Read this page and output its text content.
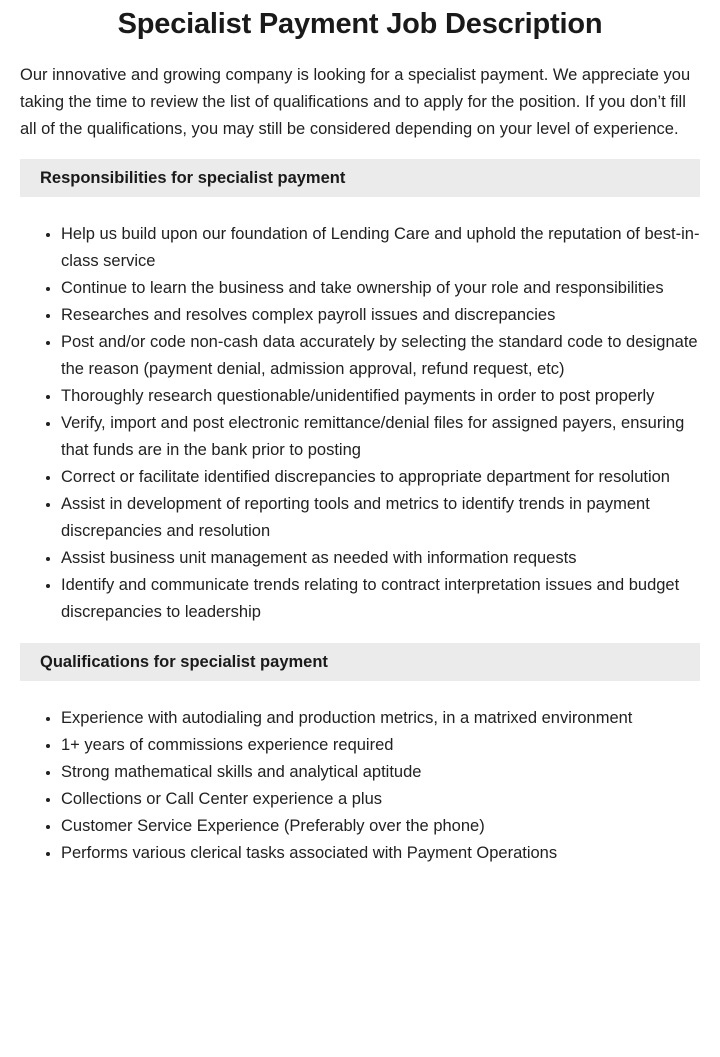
Specialist Payment Job Description

Our innovative and growing company is looking for a specialist payment. We appreciate you taking the time to review the list of qualifications and to apply for the position. If you don’t fill all of the qualifications, you may still be considered depending on your level of experience.

Responsibilities for specialist payment
• Help us build upon our foundation of Lending Care and uphold the reputation of best-in-class service
• Continue to learn the business and take ownership of your role and responsibilities
• Researches and resolves complex payroll issues and discrepancies
• Post and/or code non-cash data accurately by selecting the standard code to designate the reason (payment denial, admission approval, refund request, etc)
• Thoroughly research questionable/unidentified payments in order to post properly
• Verify, import and post electronic remittance/denial files for assigned payers, ensuring that funds are in the bank prior to posting
• Correct or facilitate identified discrepancies to appropriate department for resolution
• Assist in development of reporting tools and metrics to identify trends in payment discrepancies and resolution
• Assist business unit management as needed with information requests
• Identify and communicate trends relating to contract interpretation issues and budget discrepancies to leadership
Qualifications for specialist payment
• Experience with autodialing and production metrics, in a matrixed environment
• 1+ years of commissions experience required
• Strong mathematical skills and analytical aptitude
• Collections or Call Center experience a plus
• Customer Service Experience (Preferably over the phone)
• Performs various clerical tasks associated with Payment Operations
